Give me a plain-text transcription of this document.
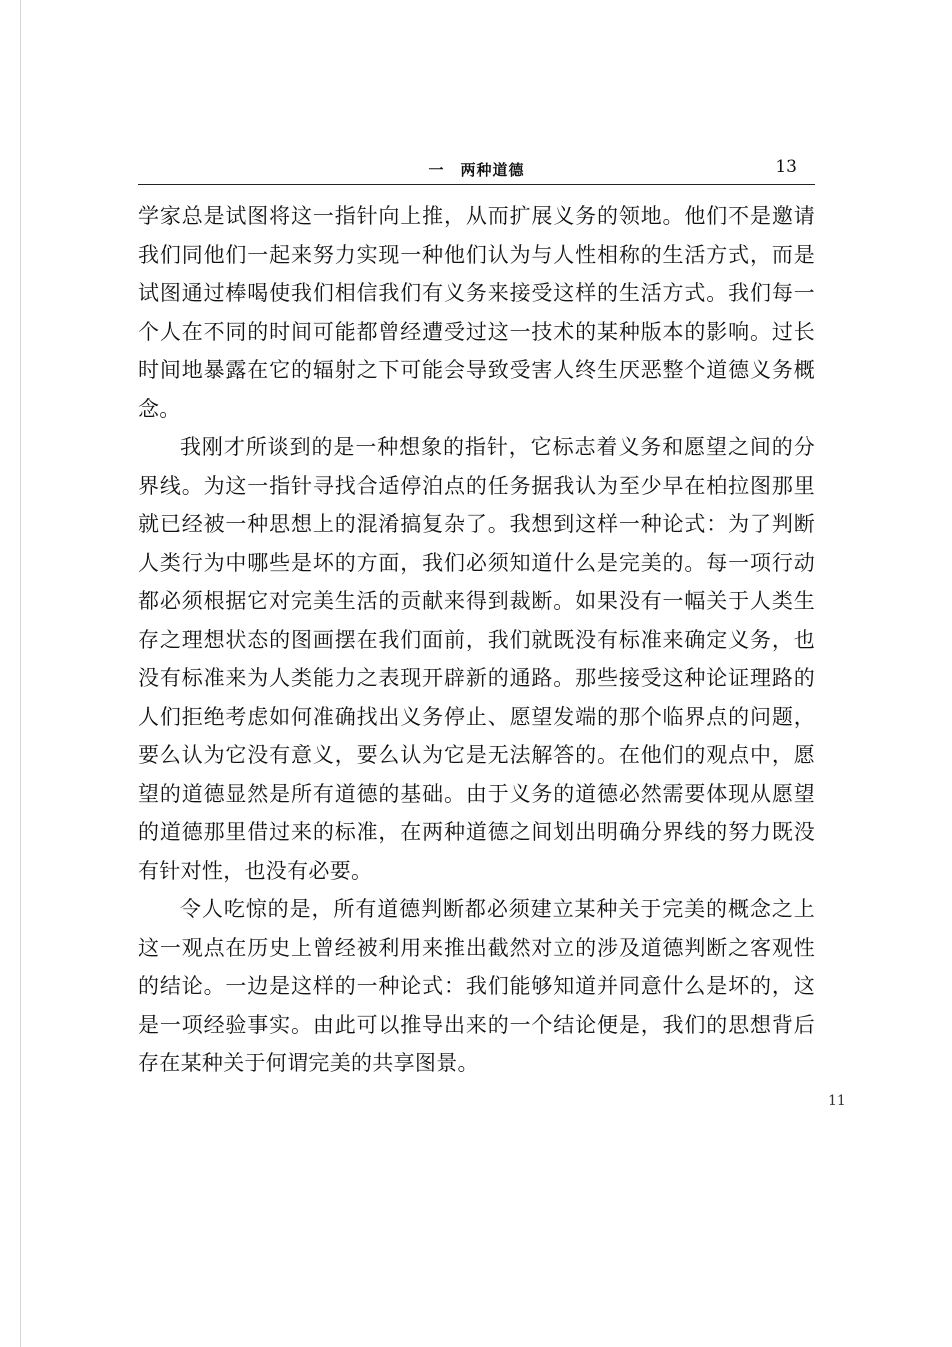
一　两种道德	13

学家总是试图将这一指针向上推，从而扩展义务的领地。他们不是邀请我们同他们一起来努力实现一种他们认为与人性相称的生活方式，而是试图通过棒喝使我们相信我们有义务来接受这样的生活方式。我们每一个人在不同的时间可能都曾经遭受过这一技术的某种版本的影响。过长时间地暴露在它的辐射之下可能会导致受害人终生厌恶整个道德义务概念。

我刚才所谈到的是一种想象的指针，它标志着义务和愿望之间的分界线。为这一指针寻找合适停泊点的任务据我认为至少早在柏拉图那里就已经被一种思想上的混淆搞复杂了。我想到这样一种论式：为了判断人类行为中哪些是坏的方面，我们必须知道什么是完美的。每一项行动都必须根据它对完美生活的贡献来得到裁断。如果没有一幅关于人类生存之理想状态的图画摆在我们面前，我们就既没有标准来确定义务，也没有标准来为人类能力之表现开辟新的通路。那些接受这种论证理路的人们拒绝考虑如何准确找出义务停止、愿望发端的那个临界点的问题，要么认为它没有意义，要么认为它是无法解答的。在他们的观点中，愿望的道德显然是所有道德的基础。由于义务的道德必然需要体现从愿望的道德那里借过来的标准，在两种道德之间划出明确分界线的努力既没有针对性，也没有必要。

令人吃惊的是，所有道德判断都必须建立某种关于完美的概念之上这一观点在历史上曾经被利用来推出截然对立的涉及道德判断之客观性的结论。一边是这样的一种论式：我们能够知道并同意什么是坏的，这是一项经验事实。由此可以推导出来的一个结论便是，我们的思想背后存在某种关于何谓完美的共享图景。

11
